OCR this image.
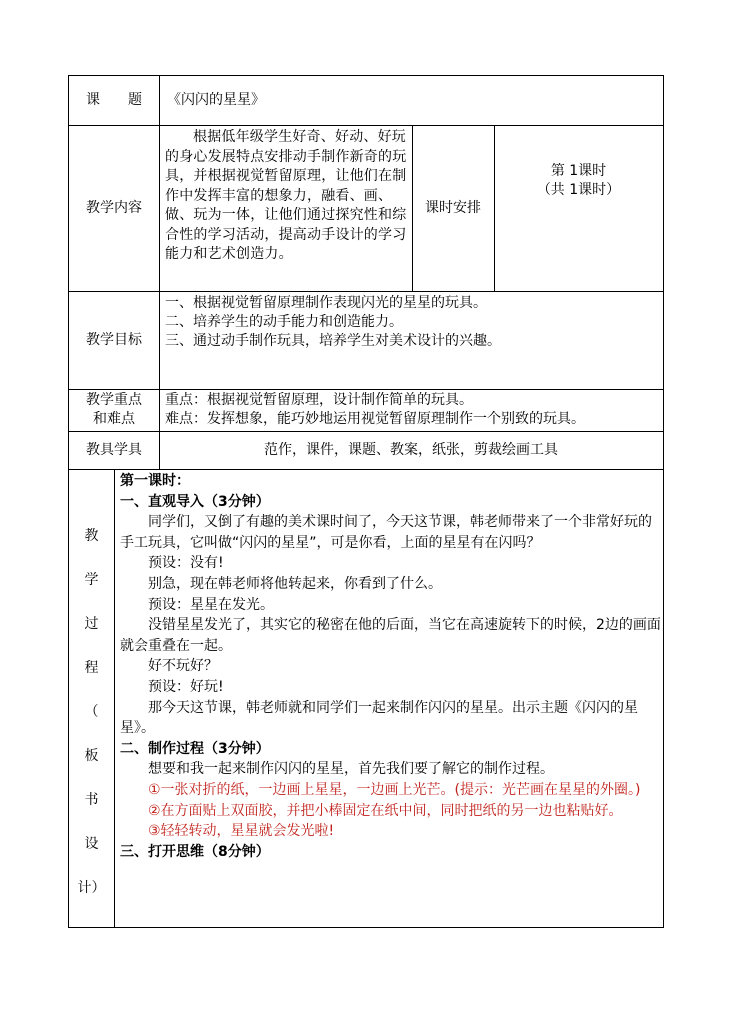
课　　题	《闪闪的星星》
教学内容

根据低年级学生好奇、好动、好玩的身心发展特点安排动手制作新奇的玩具，并根据视觉暂留原理，让他们在制作中发挥丰富的想象力，融看、画、做、玩为一体，让他们通过探究性和综合性的学习活动，提高动手设计的学习能力和艺术创造力。

课时安排
第 1课时
（共 1课时）
教学目标
一、根据视觉暂留原理制作表现闪光的星星的玩具。
二、培养学生的动手能力和创造能力。
三、通过动手制作玩具，培养学生对美术设计的兴趣。
教学重点
和难点
重点：根据视觉暂留原理，设计制作简单的玩具。
难点：发挥想象，能巧妙地运用视觉暂留原理制作一个别致的玩具。
教具学具	范作，课件，课题、教案，纸张，剪裁绘画工具
教
学
过
程
（
板
书
设
计）
第一课时：
一、直观导入（3分钟）

同学们，又倒了有趣的美术课时间了，今天这节课，韩老师带来了一个非常好玩的手工玩具，它叫做“闪闪的星星”，可是你看，上面的星星有在闪吗？

预设：没有!

别急，现在韩老师将他转起来，你看到了什么。

预设：星星在发光。

没错星星发光了，其实它的秘密在他的后面，当它在高速旋转下的时候，2边的画面就会重叠在一起。

好不玩好？

预设：好玩!

那今天这节课，韩老师就和同学们一起来制作闪闪的星星。出示主题《闪闪的星星》。

二、制作过程（3分钟）

想要和我一起来制作闪闪的星星，首先我们要了解它的制作过程。

①一张对折的纸，一边画上星星，一边画上光芒。(提示：光芒画在星星的外圈。)

②在方面贴上双面胶，并把小棒固定在纸中间，同时把纸的另一边也粘贴好。

③轻轻转动，星星就会发光啦!

三、打开思维（8分钟）
